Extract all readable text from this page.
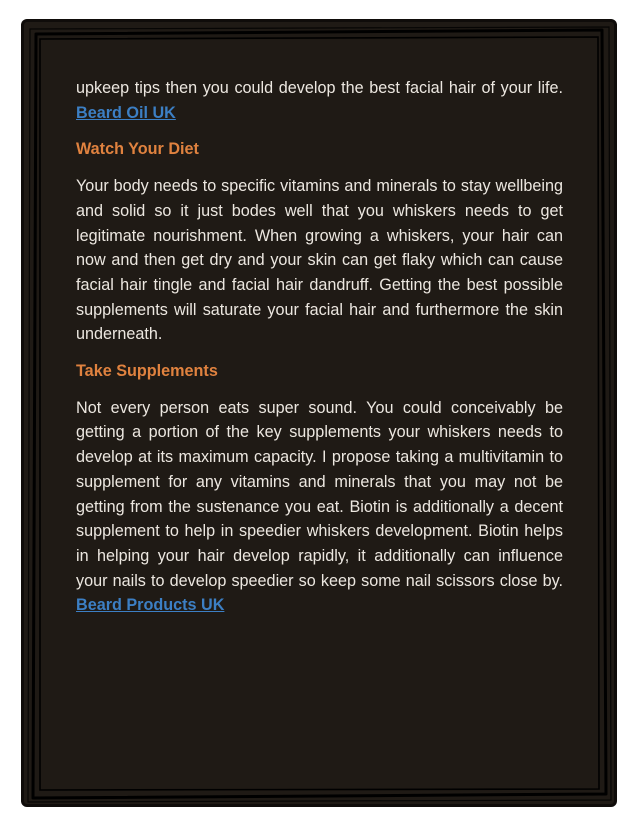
upkeep tips then you could develop the best facial hair of your life. Beard Oil UK

Watch Your Diet

Your body needs to specific vitamins and minerals to stay wellbeing and solid so it just bodes well that you whiskers needs to get legitimate nourishment. When growing a whiskers, your hair can now and then get dry and your skin can get flaky which can cause facial hair tingle and facial hair dandruff. Getting the best possible supplements will saturate your facial hair and furthermore the skin underneath.

Take Supplements

Not every person eats super sound. You could conceivably be getting a portion of the key supplements your whiskers needs to develop at its maximum capacity. I propose taking a multivitamin to supplement for any vitamins and minerals that you may not be getting from the sustenance you eat. Biotin is additionally a decent supplement to help in speedier whiskers development. Biotin helps in helping your hair develop rapidly, it additionally can influence your nails to develop speedier so keep some nail scissors close by. Beard Products UK
